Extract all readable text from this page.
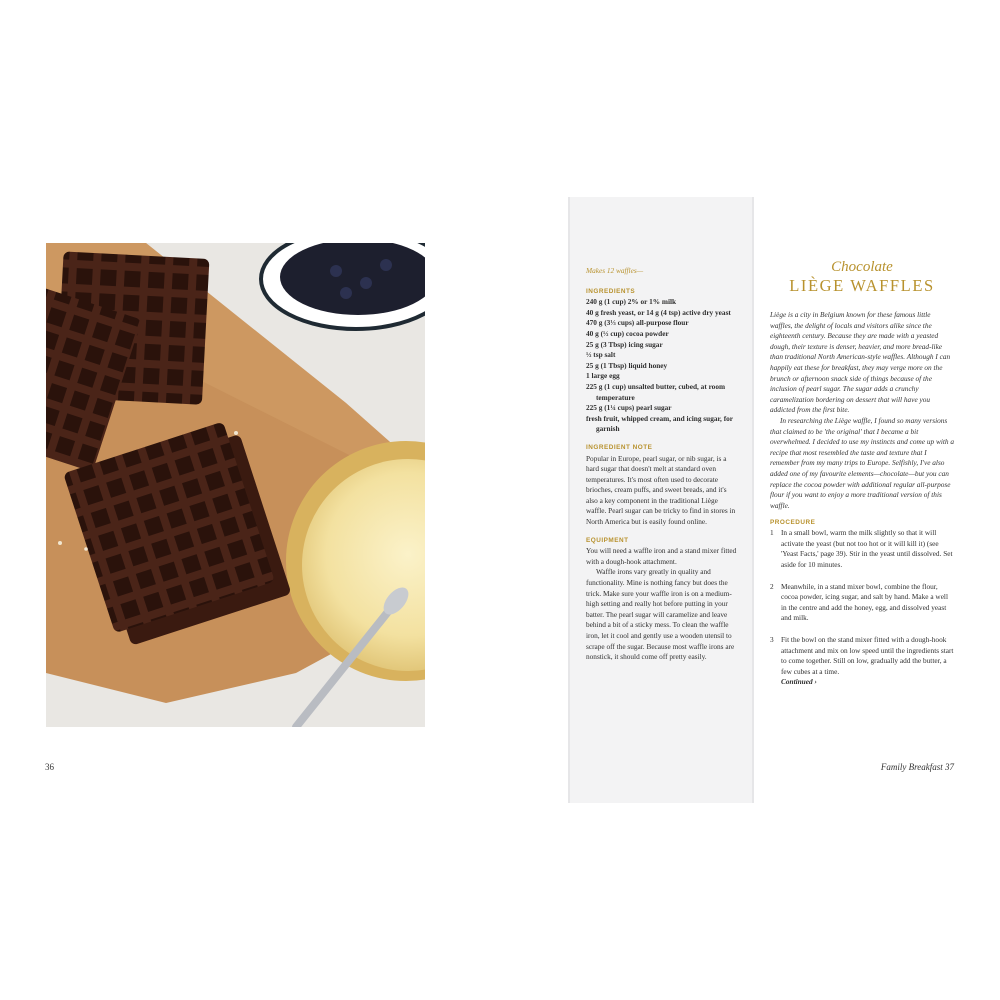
36
Makes 12 waffles—
INGREDIENTS
240 g (1 cup) 2% or 1% milk
40 g fresh yeast, or 14 g (4 tsp) active dry yeast
470 g (3⅓ cups) all-purpose flour
40 g (½ cup) cocoa powder
25 g (3 Tbsp) icing sugar
½ tsp salt
25 g (1 Tbsp) liquid honey
1 large egg
225 g (1 cup) unsalted butter, cubed, at room temperature
225 g (1¼ cups) pearl sugar
fresh fruit, whipped cream, and icing sugar, for garnish
INGREDIENT NOTE

Popular in Europe, pearl sugar, or nib sugar, is a hard sugar that doesn't melt at standard oven temperatures. It's most often used to decorate brioches, cream puffs, and sweet breads, and it's also a key component in the traditional Liège waffle. Pearl sugar can be tricky to find in stores in North America but is easily found online.

EQUIPMENT

You will need a waffle iron and a stand mixer fitted with a dough-hook attachment.

Waffle irons vary greatly in quality and functionality. Mine is nothing fancy but does the trick. Make sure your waffle iron is on a medium-high setting and really hot before putting in your batter. The pearl sugar will caramelize and leave behind a bit of a sticky mess. To clean the waffle iron, let it cool and gently use a wooden utensil to scrape off the sugar. Because most waffle irons are nonstick, it should come off pretty easily.

Chocolate
LIÈGE WAFFLES

Liège is a city in Belgium known for these famous little waffles, the delight of locals and visitors alike since the eighteenth century. Because they are made with a yeasted dough, their texture is denser, heavier, and more bread-like than traditional North American-style waffles. Although I can happily eat these for breakfast, they may verge more on the brunch or afternoon snack side of things because of the inclusion of pearl sugar. The sugar adds a crunchy caramelization bordering on dessert that will have you addicted from the first bite.

In researching the Liège waffle, I found so many versions that claimed to be 'the original' that I became a bit overwhelmed. I decided to use my instincts and come up with a recipe that most resembled the taste and texture that I remember from my many trips to Europe. Selfishly, I've also added one of my favourite elements—chocolate—but you can replace the cocoa powder with additional regular all-purpose flour if you want to enjoy a more traditional version of this waffle.

PROCEDURE
1 In a small bowl, warm the milk slightly so that it will activate the yeast (but not too hot or it will kill it) (see 'Yeast Facts,' page 39). Stir in the yeast until dissolved. Set aside for 10 minutes.
2 Meanwhile, in a stand mixer bowl, combine the flour, cocoa powder, icing sugar, and salt by hand. Make a well in the centre and add the honey, egg, and dissolved yeast and milk.
3 Fit the bowl on the stand mixer fitted with a dough-hook attachment and mix on low speed until the ingredients start to come together. Still on low, gradually add the butter, a few cubes at a time.
Continued ›
Family Breakfast 37
